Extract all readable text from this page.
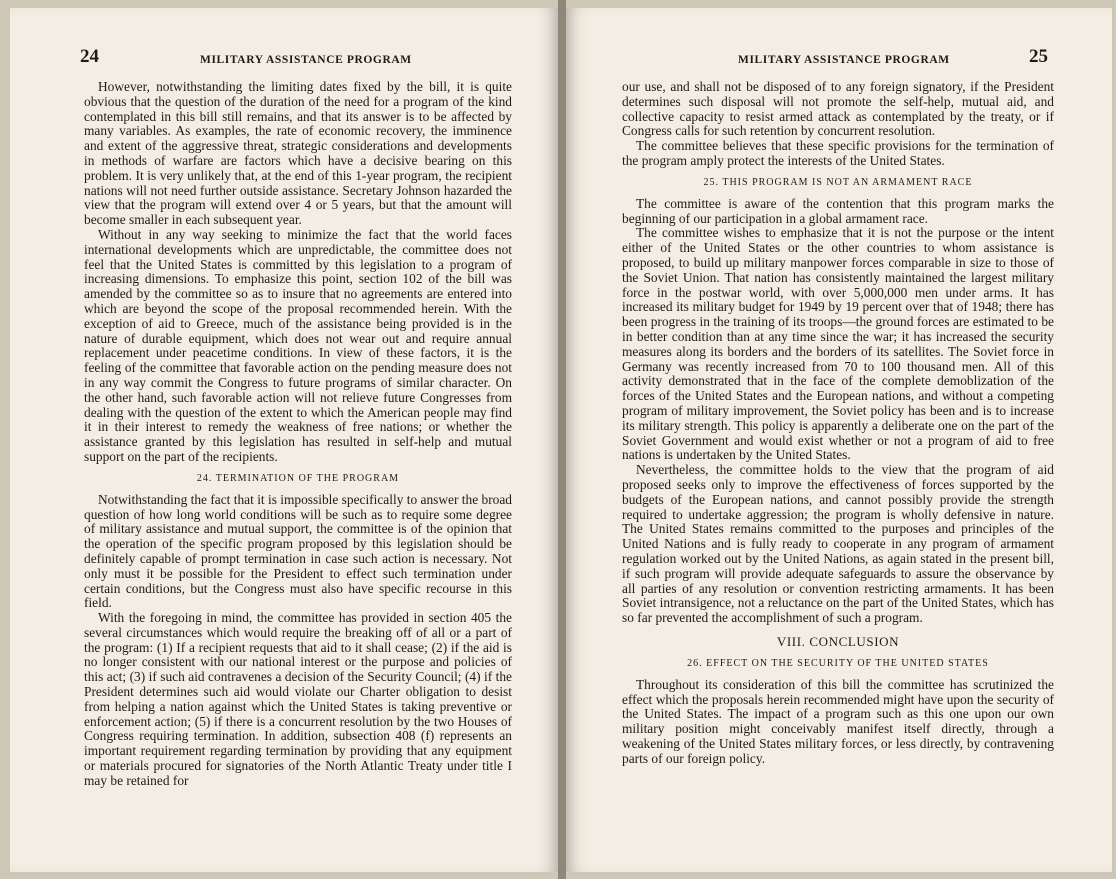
24	MILITARY ASSISTANCE PROGRAM

However, notwithstanding the limiting dates fixed by the bill, it is quite obvious that the question of the duration of the need for a program of the kind contemplated in this bill still remains, and that its answer is to be affected by many variables. As examples, the rate of economic recovery, the imminence and extent of the aggressive threat, strategic considerations and developments in methods of warfare are factors which have a decisive bearing on this problem. It is very unlikely that, at the end of this 1-year program, the recipient nations will not need further outside assistance. Secretary Johnson hazarded the view that the program will extend over 4 or 5 years, but that the amount will become smaller in each subsequent year.

Without in any way seeking to minimize the fact that the world faces international developments which are unpredictable, the committee does not feel that the United States is committed by this legislation to a program of increasing dimensions. To emphasize this point, section 102 of the bill was amended by the committee so as to insure that no agreements are entered into which are beyond the scope of the proposal recommended herein. With the exception of aid to Greece, much of the assistance being provided is in the nature of durable equipment, which does not wear out and require annual replacement under peacetime conditions. In view of these factors, it is the feeling of the committee that favorable action on the pending measure does not in any way commit the Congress to future programs of similar character. On the other hand, such favorable action will not relieve future Congresses from dealing with the question of the extent to which the American people may find it in their interest to remedy the weakness of free nations; or whether the assistance granted by this legislation has resulted in self-help and mutual support on the part of the recipients.

24. TERMINATION OF THE PROGRAM

Notwithstanding the fact that it is impossible specifically to answer the broad question of how long world conditions will be such as to require some degree of military assistance and mutual support, the committee is of the opinion that the operation of the specific program proposed by this legislation should be definitely capable of prompt termination in case such action is necessary. Not only must it be possible for the President to effect such termination under certain conditions, but the Congress must also have specific recourse in this field.

With the foregoing in mind, the committee has provided in section 405 the several circumstances which would require the breaking off of all or a part of the program: (1) If a recipient requests that aid to it shall cease; (2) if the aid is no longer consistent with our national interest or the purpose and policies of this act; (3) if such aid contravenes a decision of the Security Council; (4) if the President determines such aid would violate our Charter obligation to desist from helping a nation against which the United States is taking preventive or enforcement action; (5) if there is a concurrent resolution by the two Houses of Congress requiring termination. In addition, subsection 408 (f) represents an important requirement regarding termination by providing that any equipment or materials procured for signatories of the North Atlantic Treaty under title I may be retained for

MILITARY ASSISTANCE PROGRAM	25

our use, and shall not be disposed of to any foreign signatory, if the President determines such disposal will not promote the self-help, mutual aid, and collective capacity to resist armed attack as contemplated by the treaty, or if Congress calls for such retention by concurrent resolution.

The committee believes that these specific provisions for the termination of the program amply protect the interests of the United States.

25. THIS PROGRAM IS NOT AN ARMAMENT RACE

The committee is aware of the contention that this program marks the beginning of our participation in a global armament race.

The committee wishes to emphasize that it is not the purpose or the intent either of the United States or the other countries to whom assistance is proposed, to build up military manpower forces comparable in size to those of the Soviet Union. That nation has consistently maintained the largest military force in the postwar world, with over 5,000,000 men under arms. It has increased its military budget for 1949 by 19 percent over that of 1948; there has been progress in the training of its troops—the ground forces are estimated to be in better condition than at any time since the war; it has increased the security measures along its borders and the borders of its satellites. The Soviet force in Germany was recently increased from 70 to 100 thousand men. All of this activity demonstrated that in the face of the complete demoblization of the forces of the United States and the European nations, and without a competing program of military improvement, the Soviet policy has been and is to increase its military strength. This policy is apparently a deliberate one on the part of the Soviet Government and would exist whether or not a program of aid to free nations is undertaken by the United States.

Nevertheless, the committee holds to the view that the program of aid proposed seeks only to improve the effectiveness of forces supported by the budgets of the European nations, and cannot possibly provide the strength required to undertake aggression; the program is wholly defensive in nature. The United States remains committed to the purposes and principles of the United Nations and is fully ready to cooperate in any program of armament regulation worked out by the United Nations, as again stated in the present bill, if such program will provide adequate safeguards to assure the observance by all parties of any resolution or convention restricting armaments. It has been Soviet intransigence, not a reluctance on the part of the United States, which has so far prevented the accomplishment of such a program.

VIII. CONCLUSION
26. EFFECT ON THE SECURITY OF THE UNITED STATES

Throughout its consideration of this bill the committee has scrutinized the effect which the proposals herein recommended might have upon the security of the United States. The impact of a program such as this one upon our own military position might conceivably manifest itself directly, through a weakening of the United States military forces, or less directly, by contravening parts of our foreign policy.
